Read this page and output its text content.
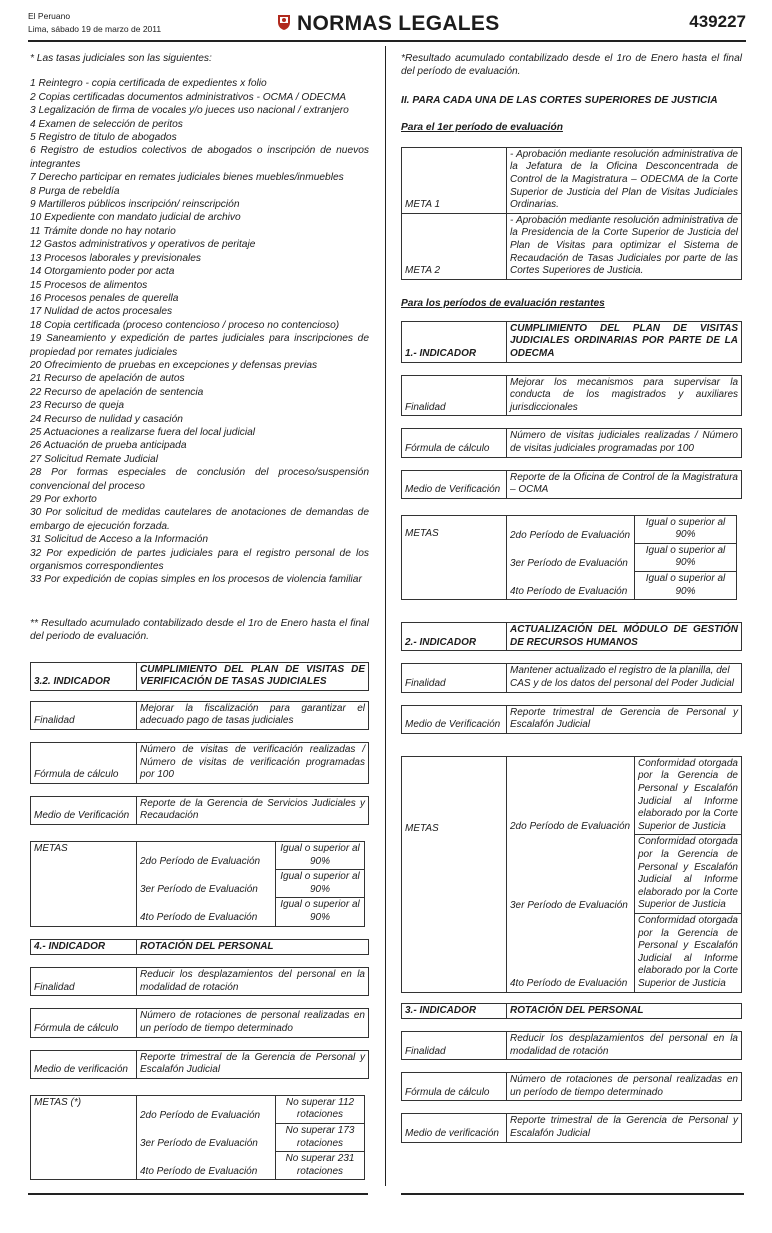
El Peruano
Lima, sábado 19 de marzo de 2011	NORMAS LEGALES	439227
* Las tasas judiciales son las siguientes:
1 Reintegro - copia certificada de expedientes x folio
2 Copias certificadas documentos administrativos - OCMA / ODECMA
3 Legalización de firma de vocales y/o jueces uso nacional / extranjero
4 Examen de selección de peritos
5 Registro de titulo de abogados
6 Registro de estudios colectivos de abogados o inscripción de nuevos integrantes
7 Derecho participar en remates judiciales bienes muebles/inmuebles
8 Purga de rebeldía
9 Martilleros públicos inscripción/ reinscripción
10 Expediente con mandato judicial de archivo
11 Trámite donde no hay notario
12 Gastos administrativos y operativos de peritaje
13 Procesos laborales y previsionales
14 Otorgamiento poder por acta
15 Procesos de alimentos
16 Procesos penales de querella
17 Nulidad de actos procesales
18 Copia certificada (proceso contencioso / proceso no contencioso)
19 Saneamiento y expedición de partes judiciales para inscripciones de propiedad por remates judiciales
20 Ofrecimiento de pruebas en excepciones y defensas previas
21 Recurso de apelación de autos
22 Recurso de apelación de sentencia
23 Recurso de queja
24 Recurso de nulidad y casación
25 Actuaciones a realizarse fuera del local judicial
26 Actuación de prueba anticipada
27 Solicitud Remate Judicial
28 Por formas especiales de conclusión del proceso/suspensión convencional del proceso
29 Por exhorto
30 Por solicitud de medidas cautelares de anotaciones de demandas de embargo de ejecución forzada.
31 Solicitud de Acceso a la Información
32 Por expedición de partes judiciales para el registro personal de los organismos correspondientes
33 Por expedición de copias simples en los procesos de violencia familiar
** Resultado acumulado contabilizado desde el 1ro de Enero hasta el final del periodo de evaluación.
3.2. INDICADOR	CUMPLIMIENTO DEL PLAN DE VISITAS DE VERIFICACIÓN DE TASAS JUDICIALES
Finalidad	Mejorar la fiscalización para garantizar el adecuado pago de tasas judiciales
Fórmula de cálculo	Número de visitas de verificación realizadas / Número de visitas de verificación programadas por 100
Medio de Verificación	Reporte de la Gerencia de Servicios Judiciales y Recaudación
METAS	2do Período de Evaluación	Igual o superior al 90%
	3er Período de Evaluación	Igual o superior al 90%
	4to Período de Evaluación	Igual o superior al 90%
4.- INDICADOR	ROTACIÓN DEL PERSONAL
Finalidad	Reducir los desplazamientos del personal en la modalidad de rotación
Fórmula de cálculo	Número de rotaciones de personal realizadas en un período de tiempo determinado
Medio de verificación	Reporte trimestral de la Gerencia de Personal y Escalafón Judicial
METAS (*)	2do Período de Evaluación	No superar 112 rotaciones
	3er Período de Evaluación	No superar 173 rotaciones
	4to Período de Evaluación	No superar 231 rotaciones
*Resultado acumulado contabilizado desde el 1ro de Enero hasta el final del período de evaluación.
II. PARA CADA UNA DE LAS CORTES SUPERIORES DE JUSTICIA
Para el 1er período de evaluación
META 1	- Aprobación mediante resolución administrativa de la Jefatura de la Oficina Desconcentrada de Control de la Magistratura – ODECMA de la Corte Superior de Justicia del Plan de Visitas Judiciales Ordinarias.
META 2	- Aprobación mediante resolución administrativa de la Presidencia de la Corte Superior de Justicia del Plan de Visitas para optimizar el Sistema de Recaudación de Tasas Judiciales por parte de las Cortes Superiores de Justicia.
Para los períodos de evaluación restantes
1.- INDICADOR	CUMPLIMIENTO DEL PLAN DE VISITAS JUDICIALES ORDINARIAS POR PARTE DE LA ODECMA
Finalidad	Mejorar los mecanismos para supervisar la conducta de los magistrados y auxiliares jurisdiccionales
Fórmula de cálculo	Número de visitas judiciales realizadas / Número de visitas judiciales programadas por 100
Medio de Verificación	Reporte de la Oficina de Control de la Magistratura – OCMA
METAS	2do Período de Evaluación	Igual o superior al 90%
	3er Período de Evaluación	Igual o superior al 90%
	4to Período de Evaluación	Igual o superior al 90%
2.- INDICADOR	ACTUALIZACIÓN DEL MÓDULO DE GESTIÓN DE RECURSOS HUMANOS
Finalidad	Mantener actualizado el registro de la planilla, del CAS y de los datos del personal del Poder Judicial
Medio de Verificación	Reporte trimestral de Gerencia de Personal y Escalafón Judicial
METAS	2do Período de Evaluación	Conformidad otorgada por la Gerencia de Personal y Escalafón Judicial al Informe elaborado por la Corte Superior de Justicia
	3er Período de Evaluación	Conformidad otorgada por la Gerencia de Personal y Escalafón Judicial al Informe elaborado por la Corte Superior de Justicia
	4to Período de Evaluación	Conformidad otorgada por la Gerencia de Personal y Escalafón Judicial al Informe elaborado por la Corte Superior de Justicia
3.- INDICADOR	ROTACIÓN DEL PERSONAL
Finalidad	Reducir los desplazamientos del personal en la modalidad de rotación
Fórmula de cálculo	Número de rotaciones de personal realizadas en un período de tiempo determinado
Medio de verificación	Reporte trimestral de la Gerencia de Personal y Escalafón Judicial
